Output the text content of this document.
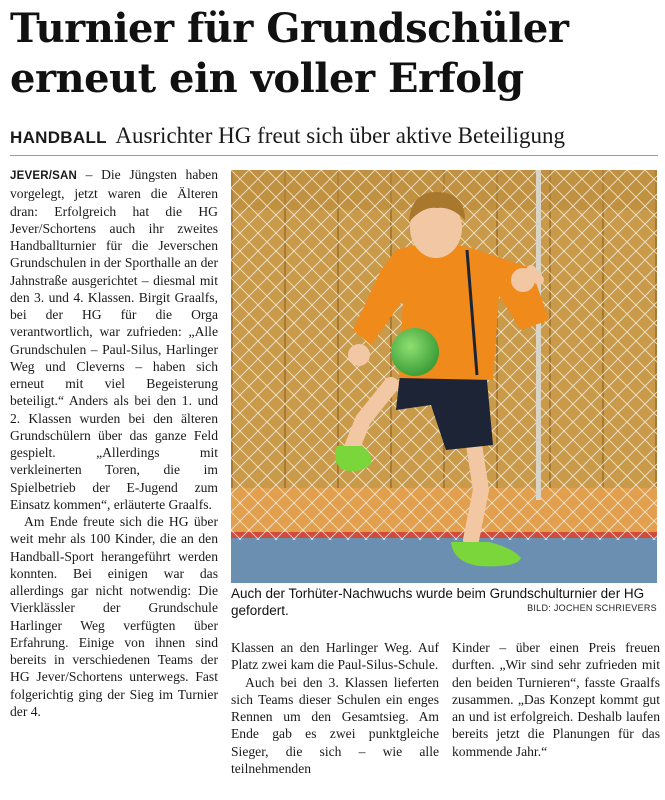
Turnier für Grundschüler
erneut ein voller Erfolg
HANDBALL Ausrichter HG freut sich über aktive Beteiligung

JEVER/SAN – Die Jüngsten haben vorgelegt, jetzt waren die Älteren dran: Erfolgreich hat die HG Jever/Schortens auch ihr zweites Handballturnier für die Jeverschen Grundschulen in der Sporthalle an der Jahnstraße ausgerichtet – diesmal mit den 3. und 4. Klassen. Birgit Graalfs, bei der HG für die Orga verantwortlich, war zufrieden: „Alle Grundschulen – Paul-Silus, Harlinger Weg und Cleverns – haben sich erneut mit viel Begeisterung beteiligt.“ Anders als bei den 1. und 2. Klassen wurden bei den älteren Grundschülern über das ganze Feld gespielt. „Allerdings mit verkleinerten Toren, die im Spielbetrieb der E-Jugend zum Einsatz kommen“, erläuterte Graalfs.

Am Ende freute sich die HG über weit mehr als 100 Kinder, die an den Handball-Sport herangeführt werden konnten. Bei einigen war das allerdings gar nicht notwendig: Die Vierklässler der Grundschule Harlinger Weg verfügten über Erfahrung. Einige von ihnen sind bereits in verschiedenen Teams der HG Jever/Schortens unterwegs. Fast folgerichtig ging der Sieg im Turnier der 4.

Auch der Torhüter-Nachwuchs wurde beim Grundschulturnier der HG gefordert.	BILD: JOCHEN SCHRIEVERS

Klassen an den Harlinger Weg. Auf Platz zwei kam die Paul-Silus-Schule.

Auch bei den 3. Klassen lieferten sich Teams dieser Schulen ein enges Rennen um den Gesamtsieg. Am Ende gab es zwei punktgleiche Sieger, die sich – wie alle teilnehmenden

Kinder – über einen Preis freuen durften. „Wir sind sehr zufrieden mit den beiden Turnieren“, fasste Graalfs zusammen. „Das Konzept kommt gut an und ist erfolgreich. Deshalb laufen bereits jetzt die Planungen für das kommende Jahr.“
